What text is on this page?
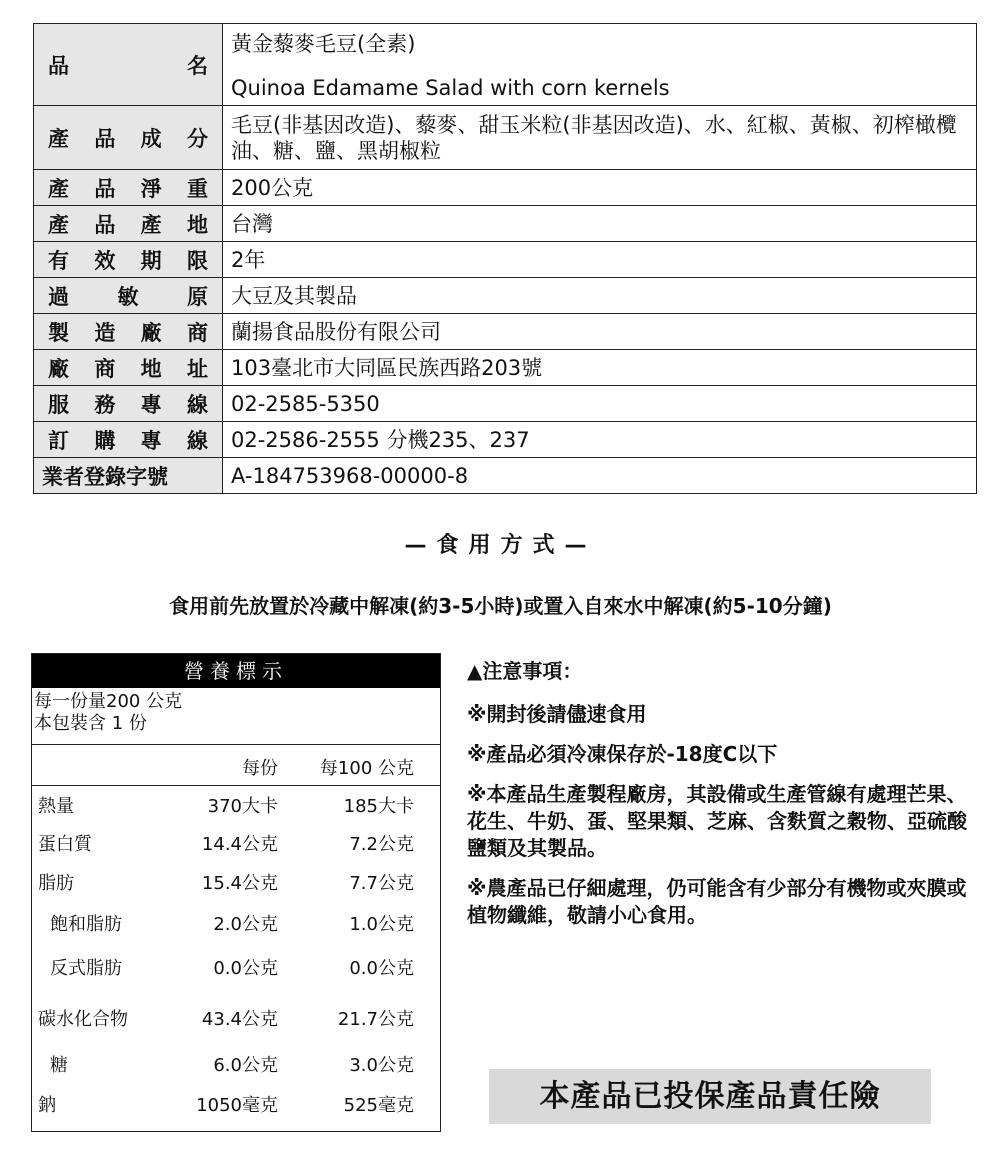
品名	黃金藜麥毛豆(全素)
Quinoa Edamame Salad with corn kernels

產品成分	毛豆(非基因改造)、藜麥、甜玉米粒(非基因改造)、水、紅椒、黃椒、初榨橄欖油、糖、鹽、黑胡椒粒
產品淨重	200公克
產品產地	台灣
有效期限	2年
過敏原	大豆及其製品
製造廠商	蘭揚食品股份有限公司
廠商地址	103臺北市大同區民族西路203號
服務專線	02-2585-5350
訂購專線	02-2586-2555 分機235、237
業者登錄字號	A-184753968-00000-8
—食用方式—
食用前先放置於冷藏中解凍(約3-5小時)或置入自來水中解凍(約5-10分鐘)
營養標示
每一份量200 公克
本包裝含 1 份
每份 每100 公克
熱量	370大卡	185大卡
蛋白質	14.4公克	7.2公克
脂肪	15.4公克	7.7公克
飽和脂肪	2.0公克	1.0公克
反式脂肪	0.0公克	0.0公克
碳水化合物	43.4公克	21.7公克
糖	6.0公克	3.0公克
鈉	1050毫克	525毫克
▲注意事項：
※開封後請儘速食用
※產品必須冷凍保存於-18度C以下
※本產品生產製程廠房，其設備或生產管線有處理芒果、花生、牛奶、蛋、堅果類、芝麻、含麩質之穀物、亞硫酸鹽類及其製品。
※農產品已仔細處理，仍可能含有少部分有機物或夾膜或植物纖維，敬請小心食用。
本產品已投保產品責任險
